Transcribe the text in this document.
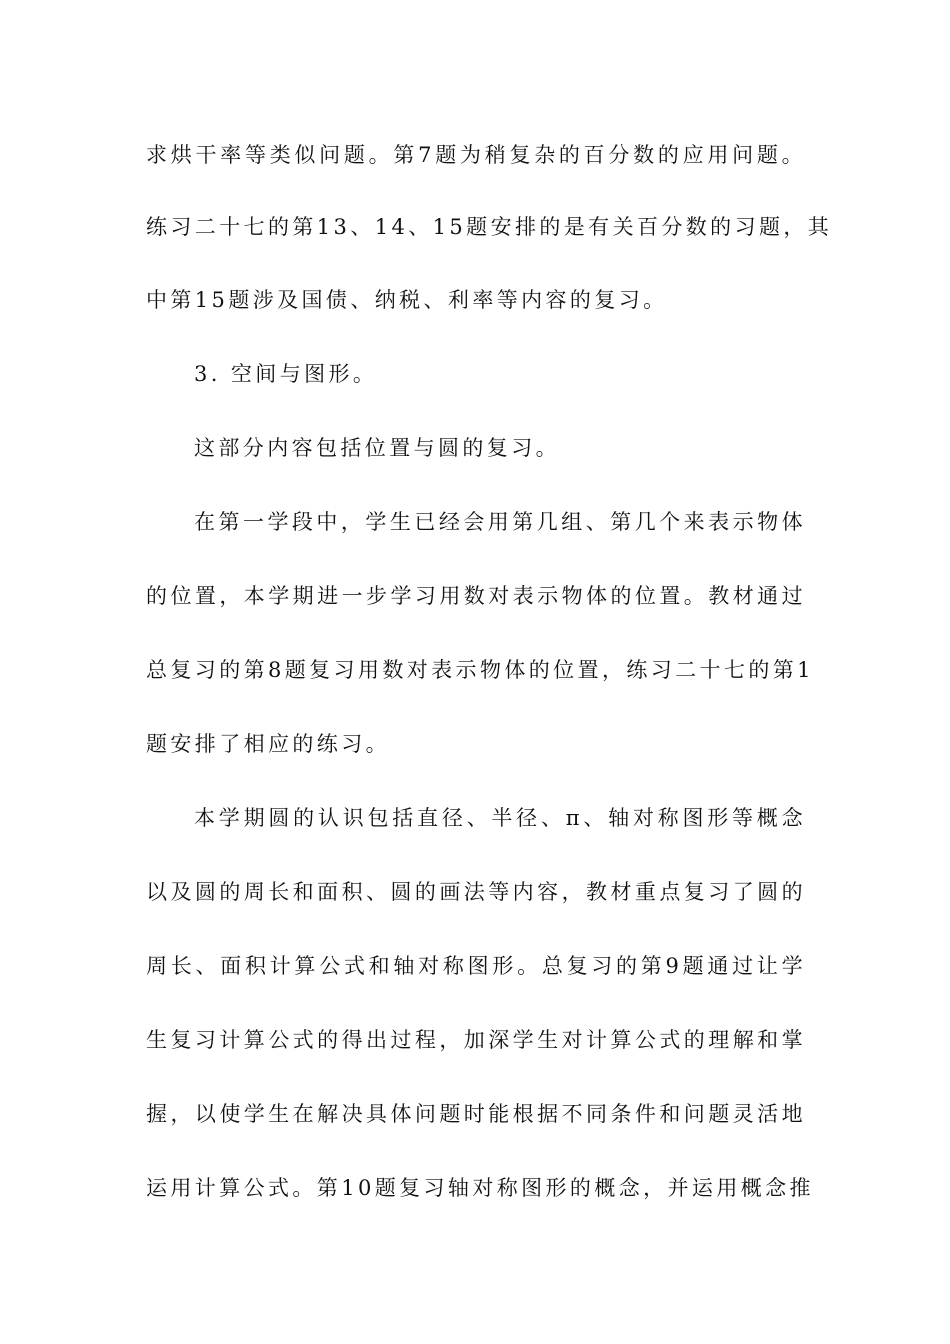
求烘干率等类似问题。第7题为稍复杂的百分数的应用问题。
练习二十七的第13、14、15题安排的是有关百分数的习题，其
中第15题涉及国债、纳税、利率等内容的复习。
3. 空间与图形。
这部分内容包括位置与圆的复习。
在第一学段中，学生已经会用第几组、第几个来表示物体
的位置，本学期进一步学习用数对表示物体的位置。教材通过
总复习的第8题复习用数对表示物体的位置，练习二十七的第1
题安排了相应的练习。
本学期圆的认识包括直径、半径、π、轴对称图形等概念
以及圆的周长和面积、圆的画法等内容，教材重点复习了圆的
周长、面积计算公式和轴对称图形。总复习的第9题通过让学
生复习计算公式的得出过程，加深学生对计算公式的理解和掌
握，以使学生在解决具体问题时能根据不同条件和问题灵活地
运用计算公式。第10题复习轴对称图形的概念，并运用概念推
